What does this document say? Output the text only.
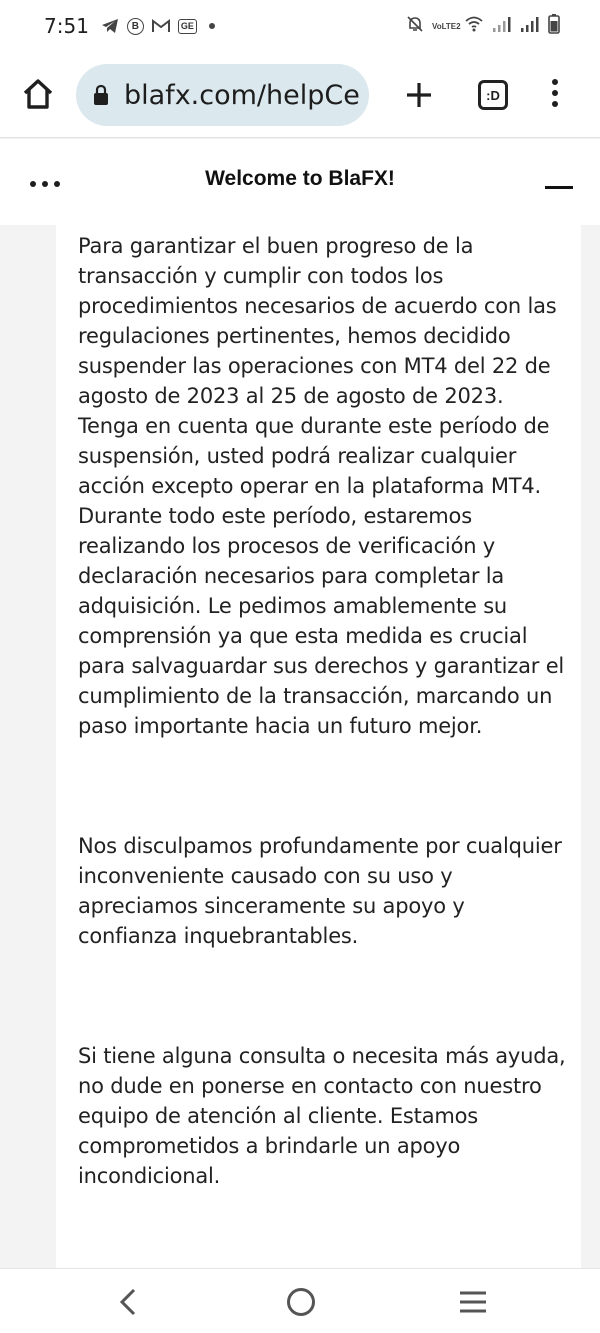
7:51	B	GE	VoLTE2
blafx.com/helpCe	:D
Welcome to BlaFX!

Para garantizar el buen progreso de la transacción y cumplir con todos los procedimientos necesarios de acuerdo con las regulaciones pertinentes, hemos decidido suspender las operaciones con MT4 del 22 de agosto de 2023 al 25 de agosto de 2023. Tenga en cuenta que durante este período de suspensión, usted podrá realizar cualquier acción excepto operar en la plataforma MT4. Durante todo este período, estaremos realizando los procesos de verificación y declaración necesarios para completar la adquisición. Le pedimos amablemente su comprensión ya que esta medida es crucial para salvaguardar sus derechos y garantizar el cumplimiento de la transacción, marcando un paso importante hacia un futuro mejor.

Nos disculpamos profundamente por cualquier inconveniente causado con su uso y apreciamos sinceramente su apoyo y confianza inquebrantables.

Si tiene alguna consulta o necesita más ayuda, no dude en ponerse en contacto con nuestro equipo de atención al cliente. Estamos comprometidos a brindarle un apoyo incondicional.
